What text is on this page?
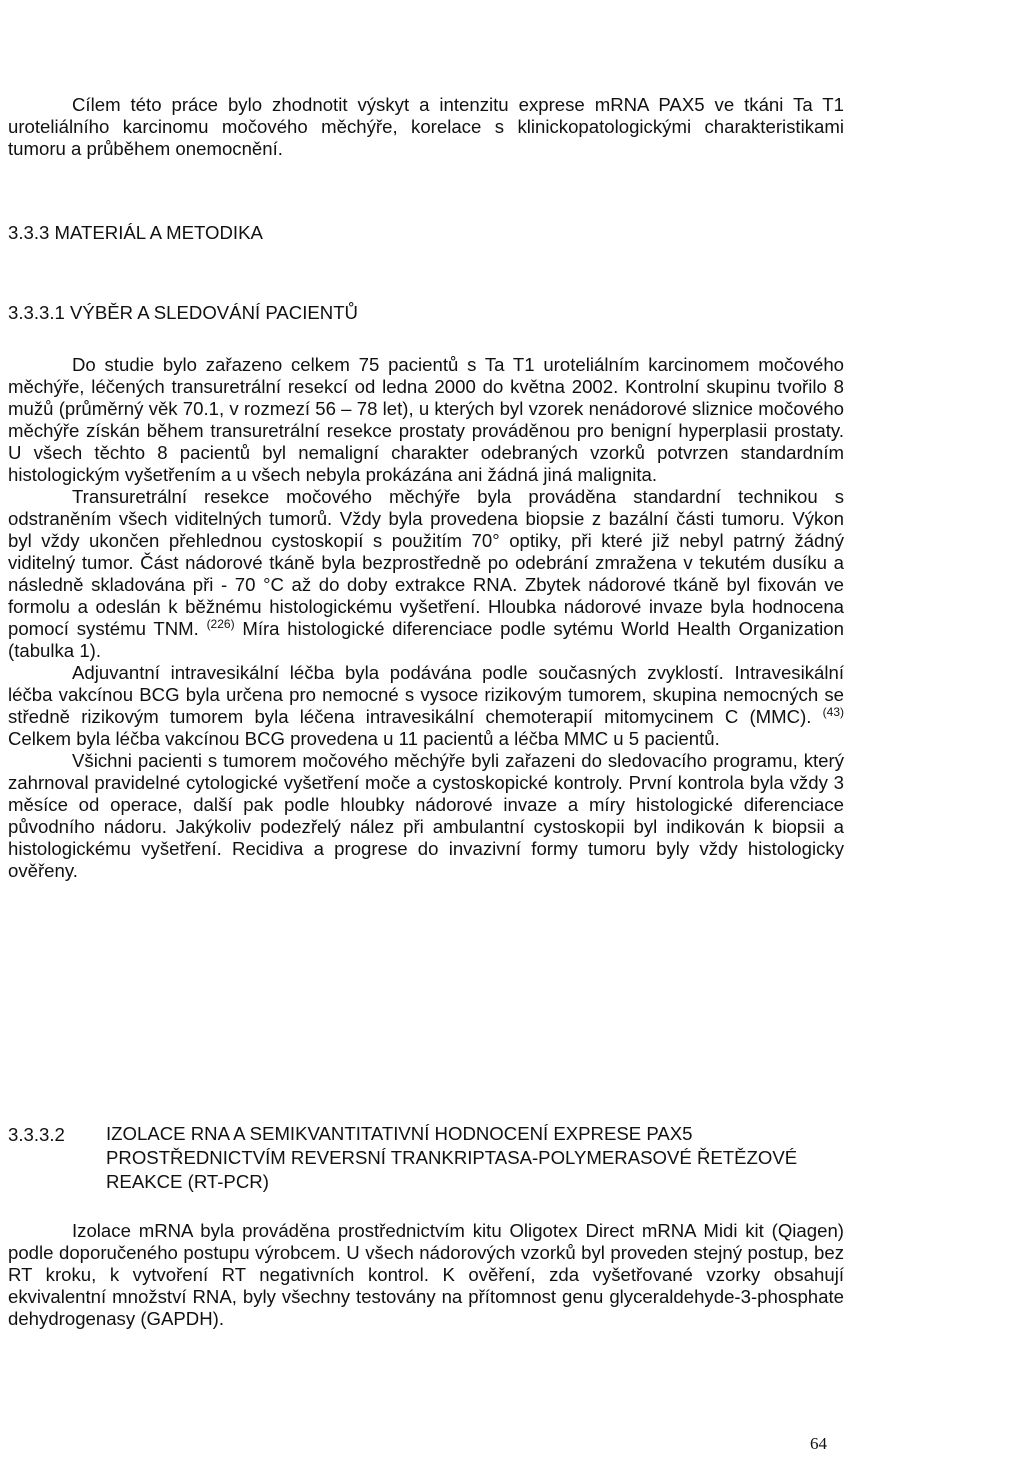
Cílem této práce bylo zhodnotit výskyt a intenzitu exprese mRNA PAX5 ve tkáni Ta T1 uroteliálního karcinomu močového měchýře, korelace s klinickopatologickými charakteristikami tumoru a průběhem onemocnění.

3.3.3 MATERIÁL A METODIKA
3.3.3.1 VÝBĚR A SLEDOVÁNÍ PACIENTŮ

Do studie bylo zařazeno celkem 75 pacientů s Ta T1 uroteliálním karcinomem močového měchýře, léčených transuretrální resekcí od ledna 2000 do května 2002. Kontrolní skupinu tvořilo 8 mužů (průměrný věk 70.1, v rozmezí 56 – 78 let), u kterých byl vzorek nenádorové sliznice močového měchýře získán během transuretrální resekce prostaty prováděnou pro benigní hyperplasii prostaty. U všech těchto 8 pacientů byl nemaligní charakter odebraných vzorků potvrzen standardním histologickým vyšetřením a u všech nebyla prokázána ani žádná jiná malignita.

Transuretrální resekce močového měchýře byla prováděna standardní technikou s odstraněním všech viditelných tumorů. Vždy byla provedena biopsie z bazální části tumoru. Výkon byl vždy ukončen přehlednou cystoskopií s použitím 70° optiky, při které již nebyl patrný žádný viditelný tumor. Část nádorové tkáně byla bezprostředně po odebrání zmražena v tekutém dusíku a následně skladována při - 70 °C až do doby extrakce RNA. Zbytek nádorové tkáně byl fixován ve formolu a odeslán k běžnému histologickému vyšetření. Hloubka nádorové invaze byla hodnocena pomocí systému TNM. $^{(226)}$ Míra histologické diferenciace podle sytému World Health Organization (tabulka 1).

Adjuvantní intravesikální léčba byla podávána podle současných zvyklostí. Intravesikální léčba vakcínou BCG byla určena pro nemocné s vysoce rizikovým tumorem, skupina nemocných se středně rizikovým tumorem byla léčena intravesikální chemoterapií mitomycinem C (MMC). $^{(43)}$ Celkem byla léčba vakcínou BCG provedena u 11 pacientů a léčba MMC u 5 pacientů.

Všichni pacienti s tumorem močového měchýře byli zařazeni do sledovacího programu, který zahrnoval pravidelné cytologické vyšetření moče a cystoskopické kontroly. První kontrola byla vždy 3 měsíce od operace, další pak podle hloubky nádorové invaze a míry histologické diferenciace původního nádoru. Jakýkoliv podezřelý nález při ambulantní cystoskopii byl indikován k biopsii a histologickému vyšetření. Recidiva a progrese do invazivní formy tumoru byly vždy histologicky ověřeny.

3.3.3.2 IZOLACE RNA A SEMIKVANTITATIVNÍ HODNOCENÍ EXPRESE PAX5 PROSTŘEDNICTVÍM REVERSNÍ TRANKRIPTASA-POLYMERASOVÉ ŘETĚZOVÉ REAKCE (RT-PCR)

Izolace mRNA byla prováděna prostřednictvím kitu Oligotex Direct mRNA Midi kit (Qiagen) podle doporučeného postupu výrobcem. U všech nádorových vzorků byl proveden stejný postup, bez RT kroku, k vytvoření RT negativních kontrol. K ověření, zda vyšetřované vzorky obsahují ekvivalentní množství RNA, byly všechny testovány na přítomnost genu glyceraldehyde-3-phosphate dehydrogenasy (GAPDH).

64
